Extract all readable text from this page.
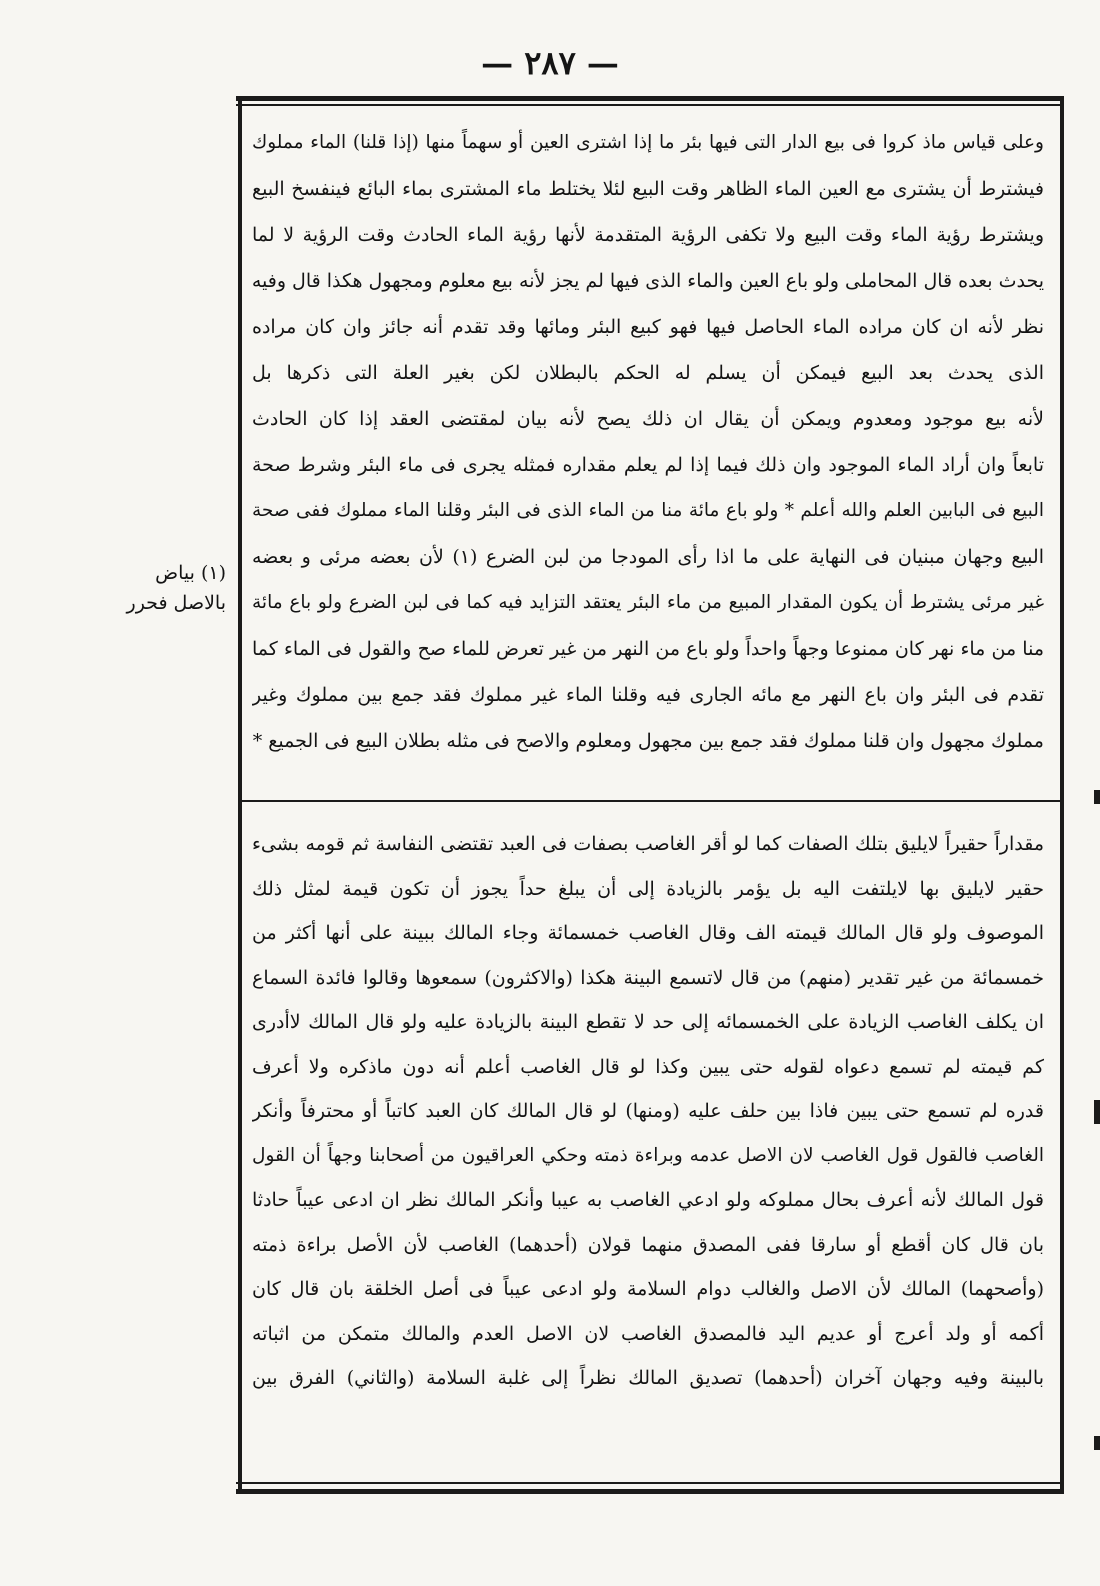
— ٢٨٧ —
وعلى قياس ماذ كروا فى بيع الدار التى فيها بئر ما إذا اشترى العين أو سهماً منها (إذا قلنا) الماء مملوك
فيشترط أن يشترى مع العين الماء الظاهر وقت البيع لئلا يختلط ماء المشترى بماء البائع فينفسخ البيع
ويشترط رؤية الماء وقت البيع ولا تكفى الرؤية المتقدمة لأنها رؤية الماء الحادث وقت الرؤية لا لما
يحدث بعده قال المحاملى ولو باع العين والماء الذى فيها لم يجز لأنه بيع معلوم ومجهول هكذا قال وفيه
نظر لأنه ان كان مراده الماء الحاصل فيها فهو كبيع البئر ومائها وقد تقدم أنه جائز وان كان مراده
الذى يحدث بعد البيع فيمكن أن يسلم له الحكم بالبطلان لكن بغير العلة التى ذكرها بل
لأنه بيع موجود ومعدوم ويمكن أن يقال ان ذلك يصح لأنه بيان لمقتضى العقد إذا كان الحادث
تابعاً وان أراد الماء الموجود وان ذلك فيما إذا لم يعلم مقداره فمثله يجرى فى ماء البئر وشرط صحة
البيع فى البابين العلم والله أعلم * ولو باع مائة منا من الماء الذى فى البئر وقلنا الماء مملوك ففى صحة
البيع وجهان مبنيان فى النهاية على ما اذا رأى المودجا من لبن الضرع (١) لأن بعضه مرئى و بعضه
غير مرئى يشترط أن يكون المقدار المبيع من ماء البئر يعتقد التزايد فيه كما فى لبن الضرع ولو باع مائة
منا من ماء نهر كان ممنوعا وجهاً واحداً ولو باع من النهر من غير تعرض للماء صح والقول فى الماء كما
تقدم فى البئر وان باع النهر مع مائه الجارى فيه وقلنا الماء غير مملوك فقد جمع بين مملوك وغير
مملوك مجهول وان قلنا مملوك فقد جمع بين مجهول ومعلوم والاصح فى مثله بطلان البيع فى الجميع *
مقداراً حقيراً لايليق بتلك الصفات كما لو أقر الغاصب بصفات فى العبد تقتضى النفاسة ثم قومه بشىء
حقير لايليق بها لايلتفت اليه بل يؤمر بالزيادة إلى أن يبلغ حداً يجوز أن تكون قيمة لمثل ذلك
الموصوف ولو قال المالك قيمته الف وقال الغاصب خمسمائة وجاء المالك ببينة على أنها أكثر من
خمسمائة من غير تقدير (منهم) من قال لاتسمع البينة هكذا (والاكثرون) سمعوها وقالوا فائدة السماع
ان يكلف الغاصب الزيادة على الخمسمائه إلى حد لا تقطع البينة بالزيادة عليه ولو قال المالك لاأدرى
كم قيمته لم تسمع دعواه لقوله حتى يبين وكذا لو قال الغاصب أعلم أنه دون ماذكره ولا أعرف
قدره لم تسمع حتى يبين فاذا بين حلف عليه (ومنها) لو قال المالك كان العبد كاتباً أو محترفاً وأنكر
الغاصب فالقول قول الغاصب لان الاصل عدمه وبراءة ذمته وحكي العراقيون من أصحابنا وجهاً أن القول
قول المالك لأنه أعرف بحال مملوكه ولو ادعي الغاصب به عيبا وأنكر المالك نظر ان ادعى عيباً حادثا
بان قال كان أقطع أو سارقا ففى المصدق منهما قولان (أحدهما) الغاصب لأن الأصل براءة ذمته
(وأصحهما) المالك لأن الاصل والغالب دوام السلامة ولو ادعى عيباً فى أصل الخلقة بان قال كان
أكمه أو ولد أعرج أو عديم اليد فالمصدق الغاصب لان الاصل العدم والمالك متمكن من اثباته
بالبينة وفيه وجهان آخران (أحدهما) تصديق المالك نظراً إلى غلبة السلامة (والثاني) الفرق بين
(١) بياض
بالاصل فحرر
